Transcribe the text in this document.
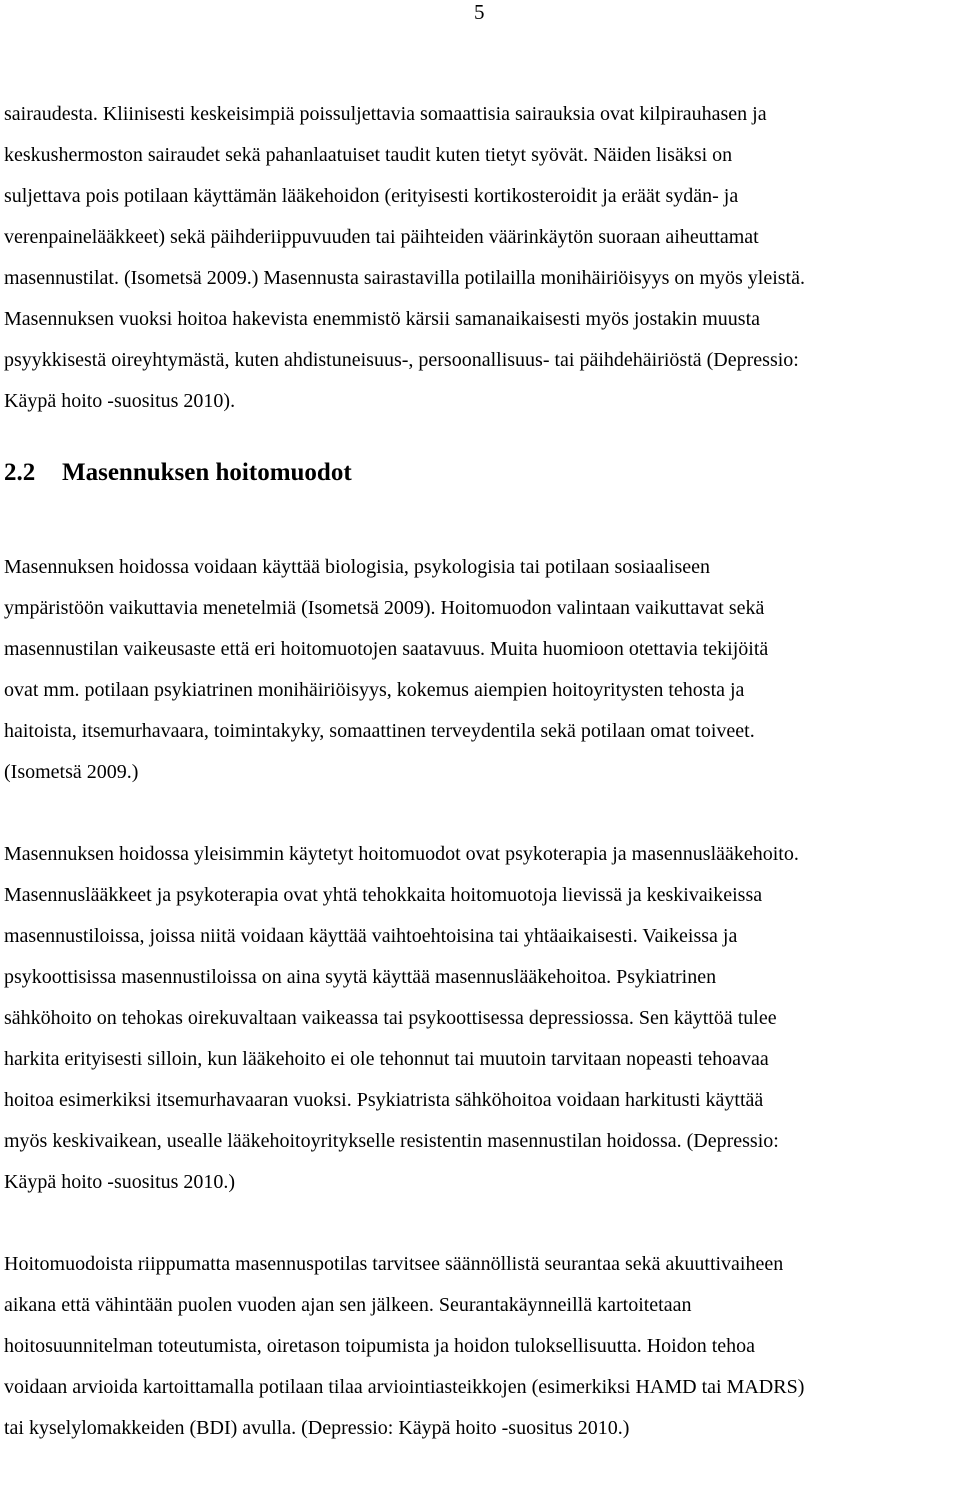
5
sairaudesta. Kliinisesti keskeisimpiä poissuljettavia somaattisia sairauksia ovat kilpirauhasen ja
keskushermoston sairaudet sekä pahanlaatuiset taudit kuten tietyt syövät. Näiden lisäksi on
suljettava pois potilaan käyttämän lääkehoidon (erityisesti kortikosteroidit ja eräät sydän- ja
verenpainelääkkeet) sekä päihderiippuvuuden tai päihteiden väärinkäytön suoraan aiheuttamat
masennustilat. (Isometsä 2009.) Masennusta sairastavilla potilailla monihäiriöisyys on myös yleistä.
Masennuksen vuoksi hoitoa hakevista enemmistö kärsii samanaikaisesti myös jostakin muusta
psyykkisestä oireyhtymästä, kuten ahdistuneisuus-, persoonallisuus- tai päihdehäiriöstä (Depressio:
Käypä hoito -suositus 2010).
2.2 Masennuksen hoitomuodot
Masennuksen hoidossa voidaan käyttää biologisia, psykologisia tai potilaan sosiaaliseen
ympäristöön vaikuttavia menetelmiä (Isometsä 2009). Hoitomuodon valintaan vaikuttavat sekä
masennustilan vaikeusaste että eri hoitomuotojen saatavuus. Muita huomioon otettavia tekijöitä
ovat mm. potilaan psykiatrinen monihäiriöisyys, kokemus aiempien hoitoyritysten tehosta ja
haitoista, itsemurhavaara, toimintakyky, somaattinen terveydentila sekä potilaan omat toiveet.
(Isometsä 2009.)
Masennuksen hoidossa yleisimmin käytetyt hoitomuodot ovat psykoterapia ja masennuslääkehoito.
Masennuslääkkeet ja psykoterapia ovat yhtä tehokkaita hoitomuotoja lievissä ja keskivaikeissa
masennustiloissa, joissa niitä voidaan käyttää vaihtoehtoisina tai yhtäaikaisesti. Vaikeissa ja
psykoottisissa masennustiloissa on aina syytä käyttää masennuslääkehoitoa. Psykiatrinen
sähköhoito on tehokas oirekuvaltaan vaikeassa tai psykoottisessa depressiossa. Sen käyttöä tulee
harkita erityisesti silloin, kun lääkehoito ei ole tehonnut tai muutoin tarvitaan nopeasti tehoavaa
hoitoa esimerkiksi itsemurhavaaran vuoksi. Psykiatrista sähköhoitoa voidaan harkitusti käyttää
myös keskivaikean, usealle lääkehoitoyritykselle resistentin masennustilan hoidossa. (Depressio:
Käypä hoito -suositus 2010.)
Hoitomuodoista riippumatta masennuspotilas tarvitsee säännöllistä seurantaa sekä akuuttivaiheen
aikana että vähintään puolen vuoden ajan sen jälkeen. Seurantakäynneillä kartoitetaan
hoitosuunnitelman toteutumista, oiretason toipumista ja hoidon tuloksellisuutta. Hoidon tehoa
voidaan arvioida kartoittamalla potilaan tilaa arviointiasteikkojen (esimerkiksi HAMD tai MADRS)
tai kyselylomakkeiden (BDI) avulla. (Depressio: Käypä hoito -suositus 2010.)
